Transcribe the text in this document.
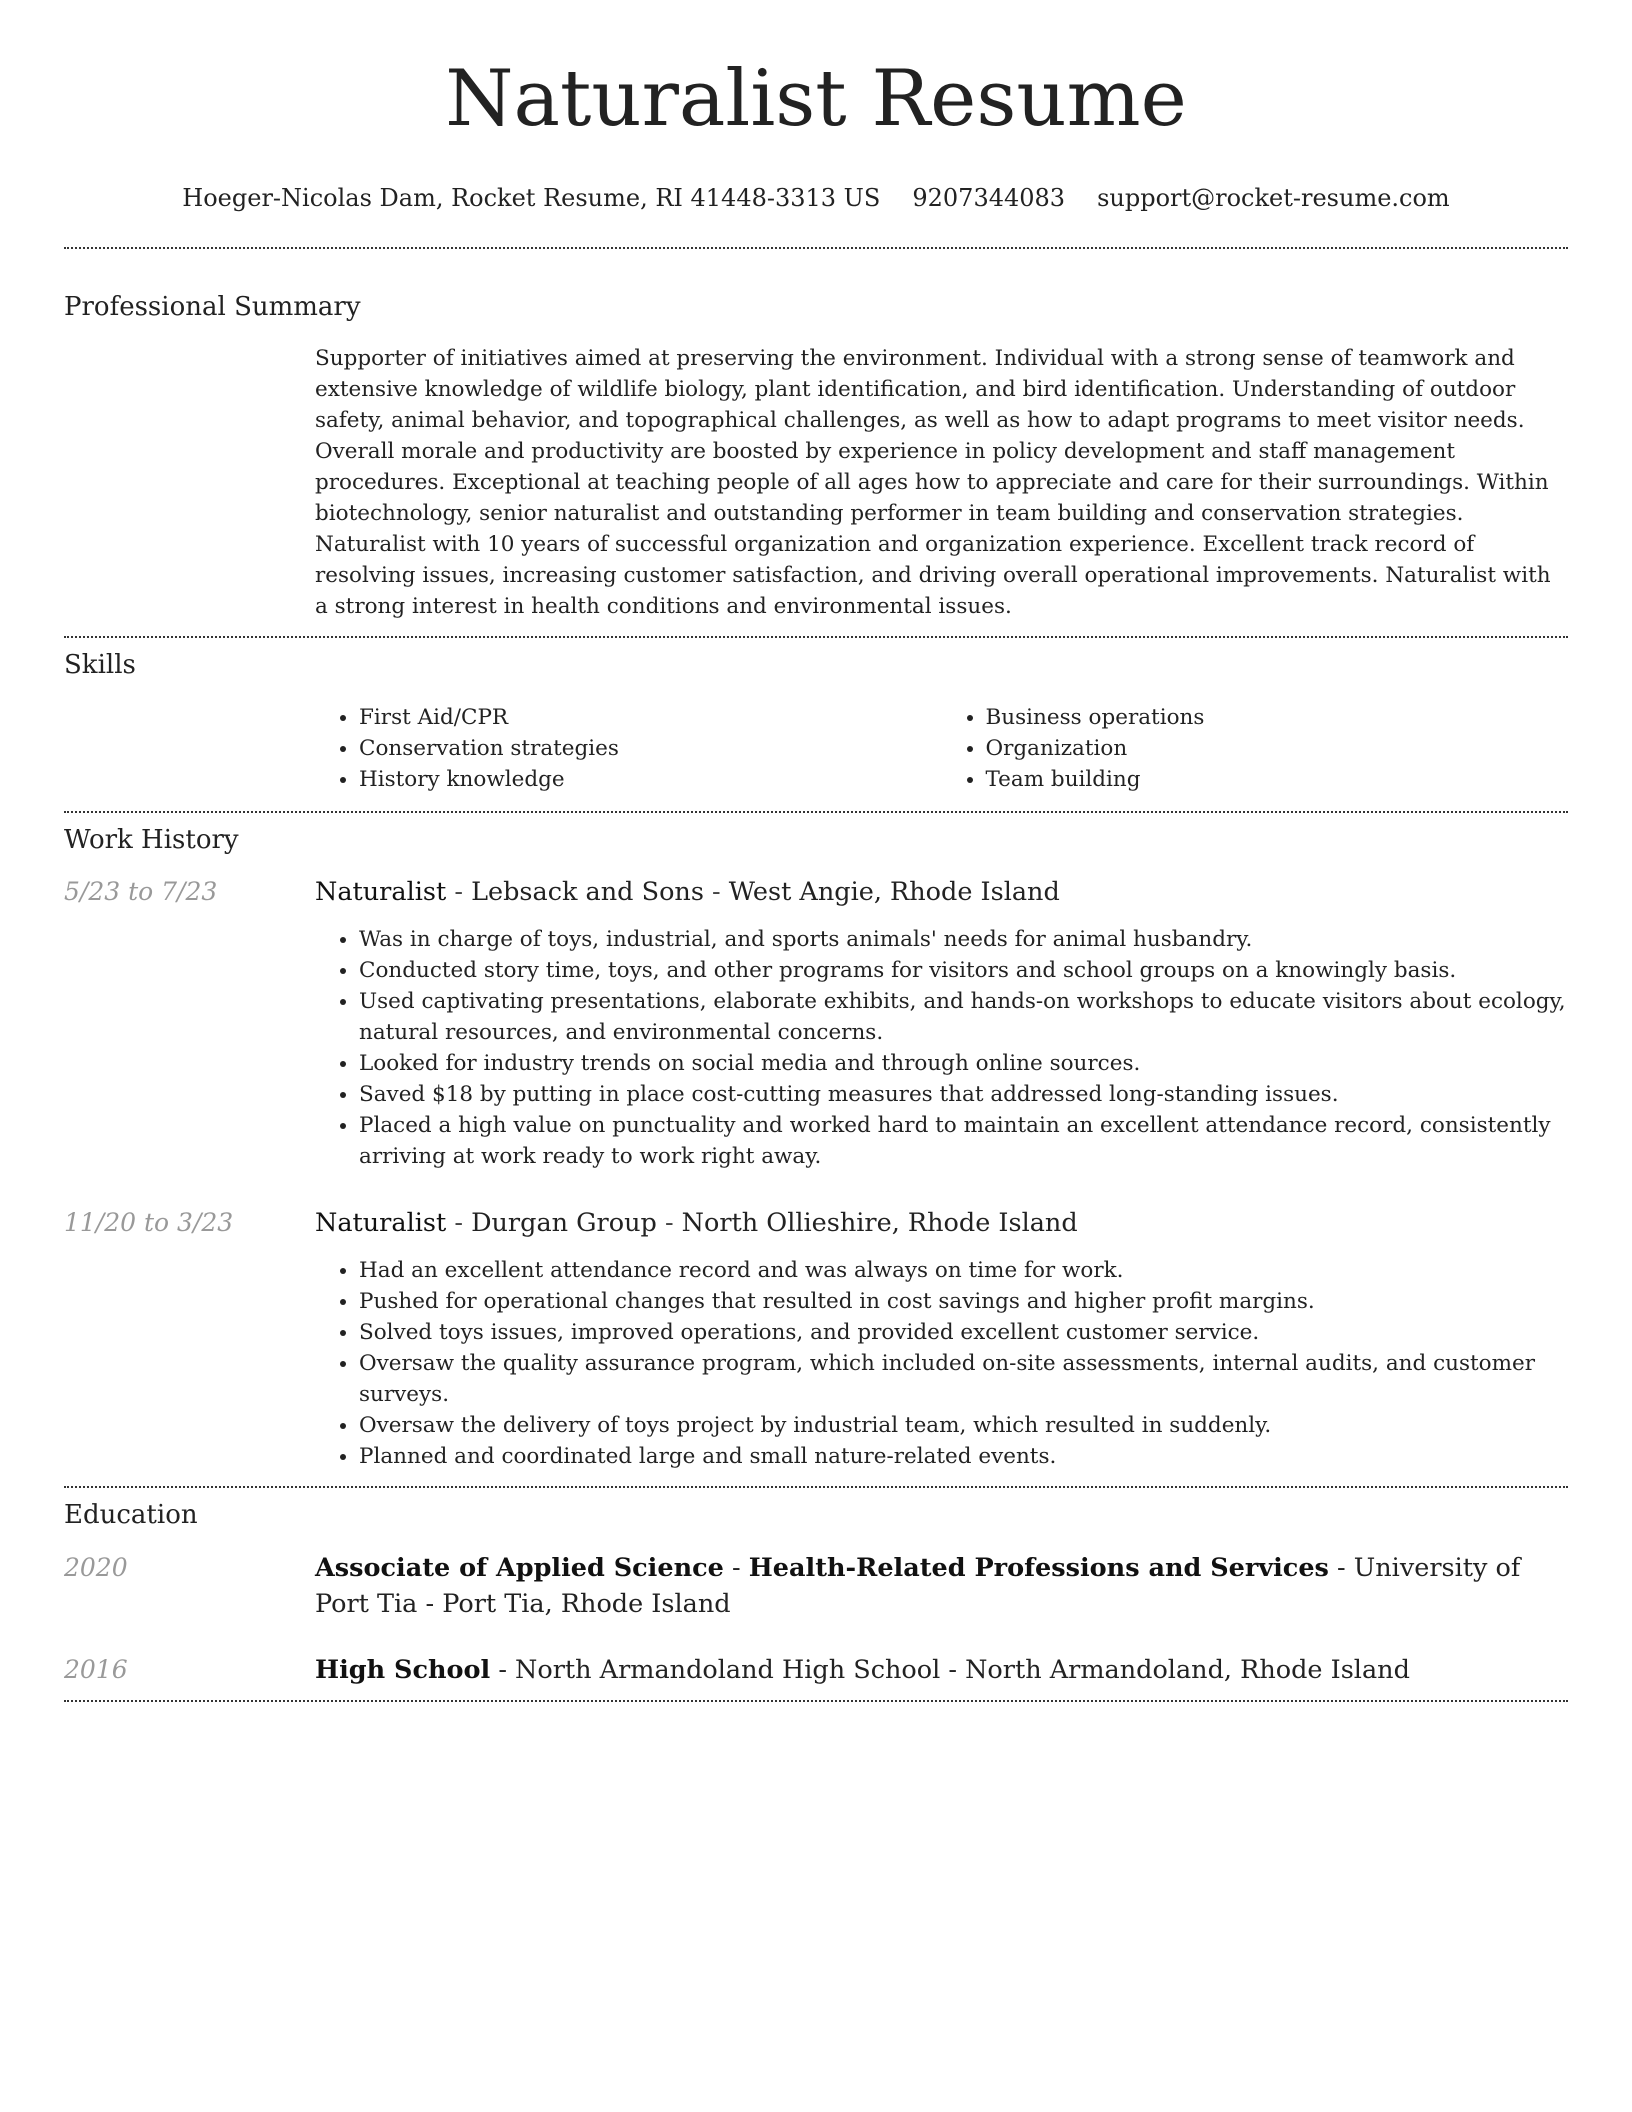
Naturalist Resume
Hoeger-Nicolas Dam, Rocket Resume, RI 41448-3313 US 9207344083 support@rocket-resume.com
Professional Summary

Supporter of initiatives aimed at preserving the environment. Individual with a strong sense of teamwork and extensive knowledge of wildlife biology, plant identification, and bird identification. Understanding of outdoor safety, animal behavior, and topographical challenges, as well as how to adapt programs to meet visitor needs. Overall morale and productivity are boosted by experience in policy development and staff management procedures. Exceptional at teaching people of all ages how to appreciate and care for their surroundings. Within biotechnology, senior naturalist and outstanding performer in team building and conservation strategies. Naturalist with 10 years of successful organization and organization experience. Excellent track record of resolving issues, increasing customer satisfaction, and driving overall operational improvements. Naturalist with a strong interest in health conditions and environmental issues.

Skills
• First Aid/CPR
• Conservation strategies
• History knowledge
• Business operations
• Organization
• Team building
Work History
5/23 to 7/23	Naturalist - Lebsack and Sons - West Angie, Rhode Island
• Was in charge of toys, industrial, and sports animals' needs for animal husbandry.
• Conducted story time, toys, and other programs for visitors and school groups on a knowingly basis.
• Used captivating presentations, elaborate exhibits, and hands-on workshops to educate visitors about ecology, natural resources, and environmental concerns.
• Looked for industry trends on social media and through online sources.
• Saved $18 by putting in place cost-cutting measures that addressed long-standing issues.
• Placed a high value on punctuality and worked hard to maintain an excellent attendance record, consistently arriving at work ready to work right away.
11/20 to 3/23	Naturalist - Durgan Group - North Ollieshire, Rhode Island
• Had an excellent attendance record and was always on time for work.
• Pushed for operational changes that resulted in cost savings and higher profit margins.
• Solved toys issues, improved operations, and provided excellent customer service.
• Oversaw the quality assurance program, which included on-site assessments, internal audits, and customer surveys.
• Oversaw the delivery of toys project by industrial team, which resulted in suddenly.
• Planned and coordinated large and small nature-related events.
Education
2020	Associate of Applied Science - Health-Related Professions and Services - University of Port Tia - Port Tia, Rhode Island
2016	High School - North Armandoland High School - North Armandoland, Rhode Island
